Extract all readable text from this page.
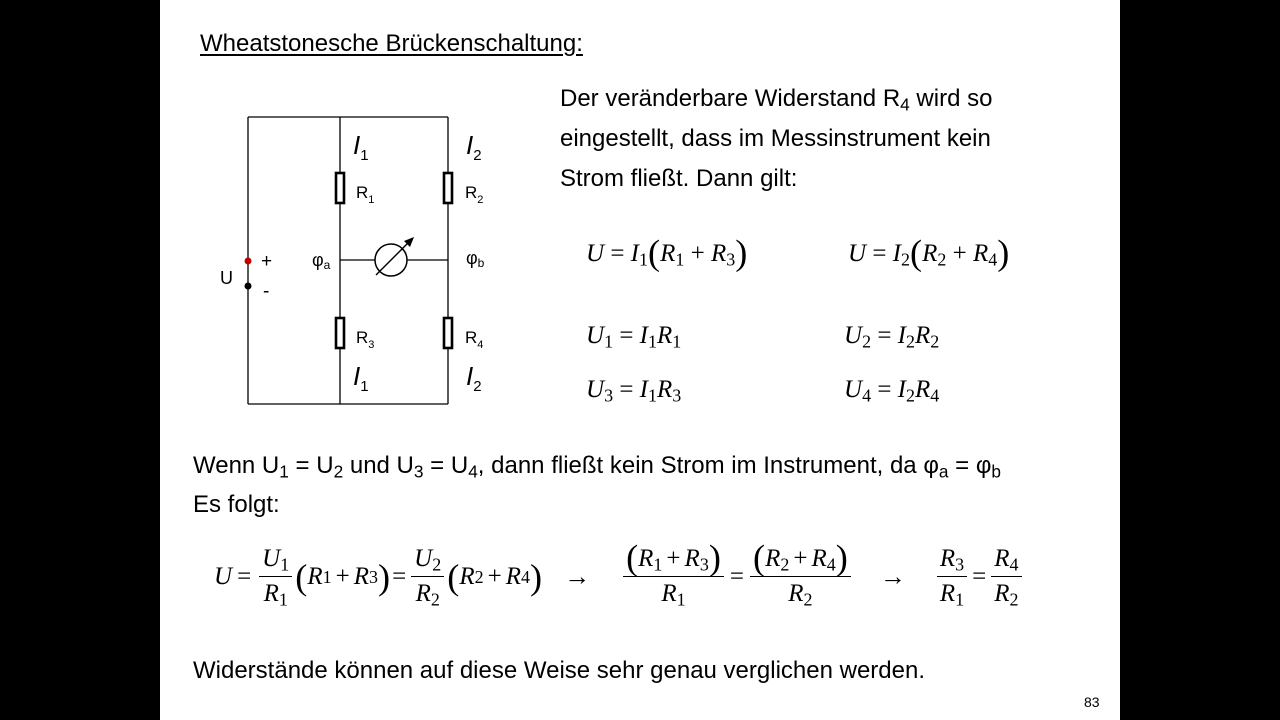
Wheatstonesche Brückenschaltung:
Der veränderbare Widerstand $R_4$ wird so
eingestellt, dass im Messinstrument kein
Strom fließt. Dann gilt:
$I_1$	$I_2$
$I_1$	$I_2$
$R_1$	$R_2$
$R_3$	$R_4$
φa	φb
U
+
-
$U = I_1(R_1 + R_3)$	$U = I_2(R_2 + R_4)$
$U_1 = I_1R_1$	$U_2 = I_2R_2$
$U_3 = I_1R_3$	$U_4 = I_2R_4$
Wenn $U_1 = U_2$ und $U_3 = U_4$, dann fließt kein Strom im Instrument, da $\varphi_a = \varphi_b$
Es folgt:
$U = \frac{U_1}{R_1}$ ( R 1 + R 3 ) = $\frac{U_2}{R_2}$ ( R 2 + R 4 ) → $\frac{(R_1 + R_3)}{R_1} = \frac{(R_2 + R_4)}{R_2} \to \frac{R_3}{R_1} = \frac{R_4}{R_2}$
Widerstände können auf diese Weise sehr genau verglichen werden.
83
